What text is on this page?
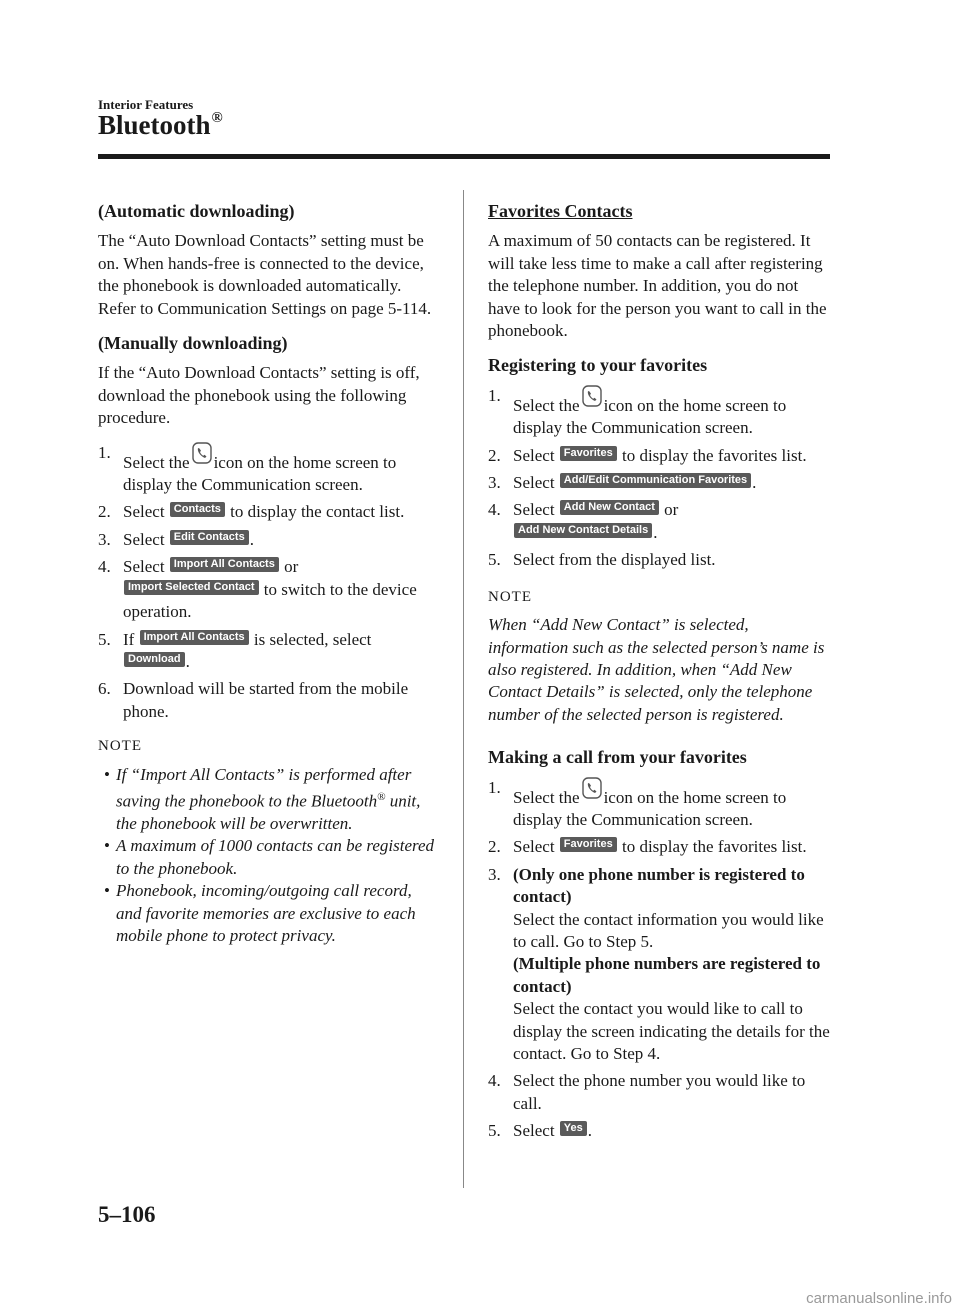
Interior Features
Bluetooth®

(Automatic downloading)

The “Auto Download Contacts” setting must be on. When hands-free is connected to the device, the phonebook is downloaded automatically.

Refer to Communication Settings on page 5-114.

(Manually downloading)

If the “Auto Download Contacts” setting is off, download the phonebook using the following procedure.

1.
Select the icon on the home screen to display the Communication screen.
2. Select Contacts to display the contact list.
3. Select Edit Contacts .
4. Select Import All Contacts or
Import Selected Contact to switch to the device operation.
5. If Import All Contacts is selected, select
Download .
6. Download will be started from the mobile phone.

NOTE

• If “Import All Contacts” is performed after saving the phonebook to the Bluetooth® unit, the phonebook will be overwritten.
• A maximum of 1000 contacts can be registered to the phonebook.
• Phonebook, incoming/outgoing call record, and favorite memories are exclusive to each mobile phone to protect privacy.

Favorites Contacts

A maximum of 50 contacts can be registered. It will take less time to make a call after registering the telephone number. In addition, you do not have to look for the person you want to call in the phonebook.

Registering to your favorites

1.
Select the icon on the home screen to display the Communication screen.
2. Select Favorites to display the favorites list.
3. Select Add/Edit Communication Favorites .
4. Select Add New Contact or
Add New Contact Details .
5. Select from the displayed list.

NOTE

When “Add New Contact” is selected, information such as the selected person’s name is also registered. In addition, when “Add New Contact Details” is selected, only the telephone number of the selected person is registered.

Making a call from your favorites

1.
Select the icon on the home screen to display the Communication screen.
2. Select Favorites to display the favorites list.
3. (Only one phone number is registered to contact)
Select the contact information you would like to call. Go to Step 5.
(Multiple phone numbers are registered to contact)
Select the contact you would like to call to display the screen indicating the details for the contact. Go to Step 4.
4. Select the phone number you would like to call.
5. Select Yes .
5–106
carmanualsonline.info
